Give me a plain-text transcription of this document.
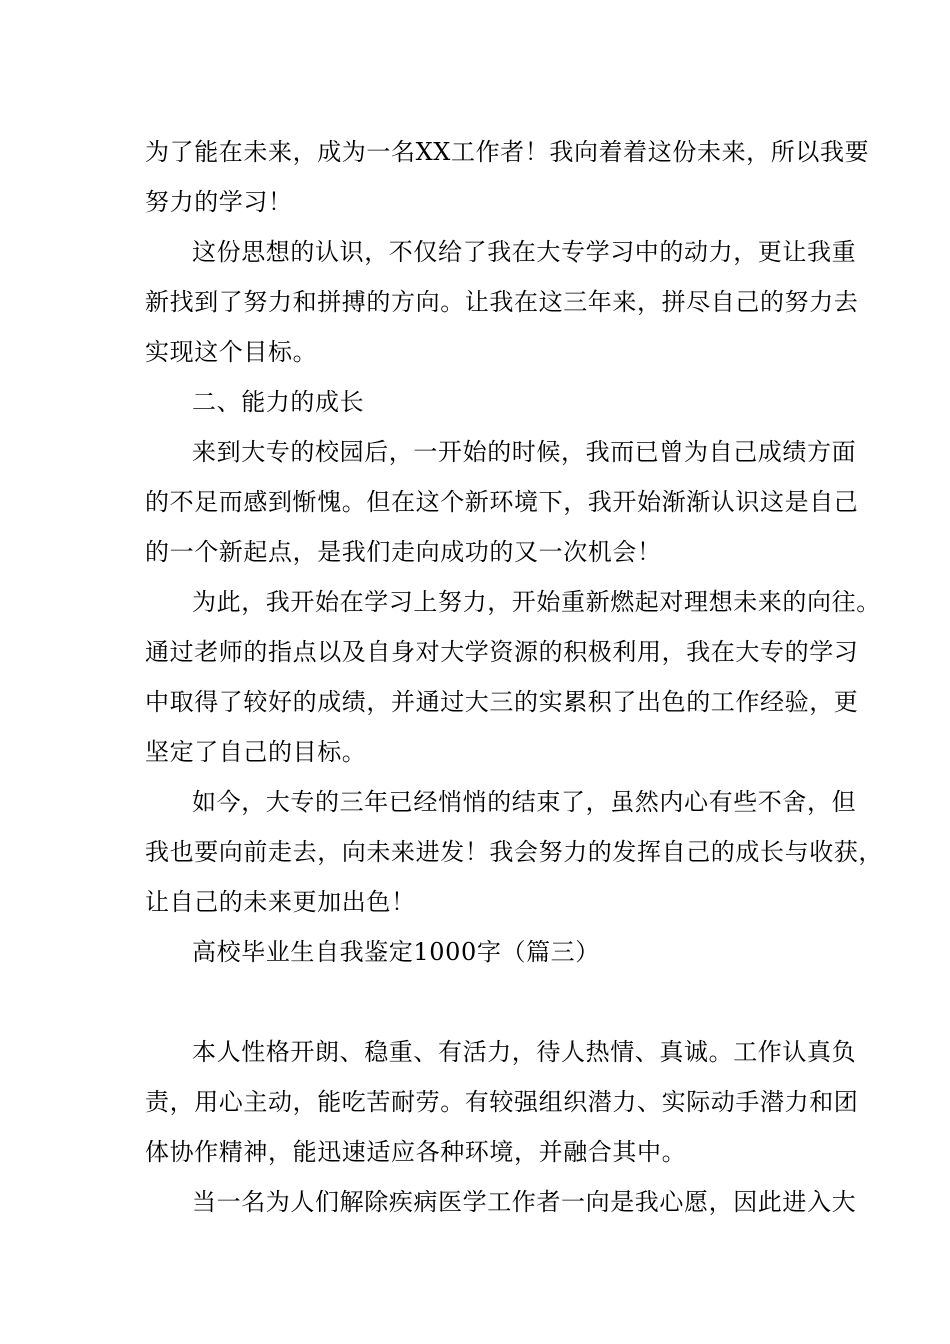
为了能在未来，成为一名XX工作者！我向着着这份未来，所以我要
努力的学习！
这份思想的认识，不仅给了我在大专学习中的动力，更让我重
新找到了努力和拼搏的方向。让我在这三年来，拼尽自己的努力去
实现这个目标。
二、能力的成长
来到大专的校园后，一开始的时候，我而已曾为自己成绩方面
的不足而感到惭愧。但在这个新环境下，我开始渐渐认识这是自己
的一个新起点，是我们走向成功的又一次机会！
为此，我开始在学习上努力，开始重新燃起对理想未来的向往。
通过老师的指点以及自身对大学资源的积极利用，我在大专的学习
中取得了较好的成绩，并通过大三的实累积了出色的工作经验，更
坚定了自己的目标。
如今，大专的三年已经悄悄的结束了，虽然内心有些不舍，但
我也要向前走去，向未来进发！我会努力的发挥自己的成长与收获，
让自己的未来更加出色！
高校毕业生自我鉴定1000字（篇三）
本人性格开朗、稳重、有活力，待人热情、真诚。工作认真负
责，用心主动，能吃苦耐劳。有较强组织潜力、实际动手潜力和团
体协作精神，能迅速适应各种环境，并融合其中。
当一名为人们解除疾病医学工作者一向是我心愿，因此进入大
